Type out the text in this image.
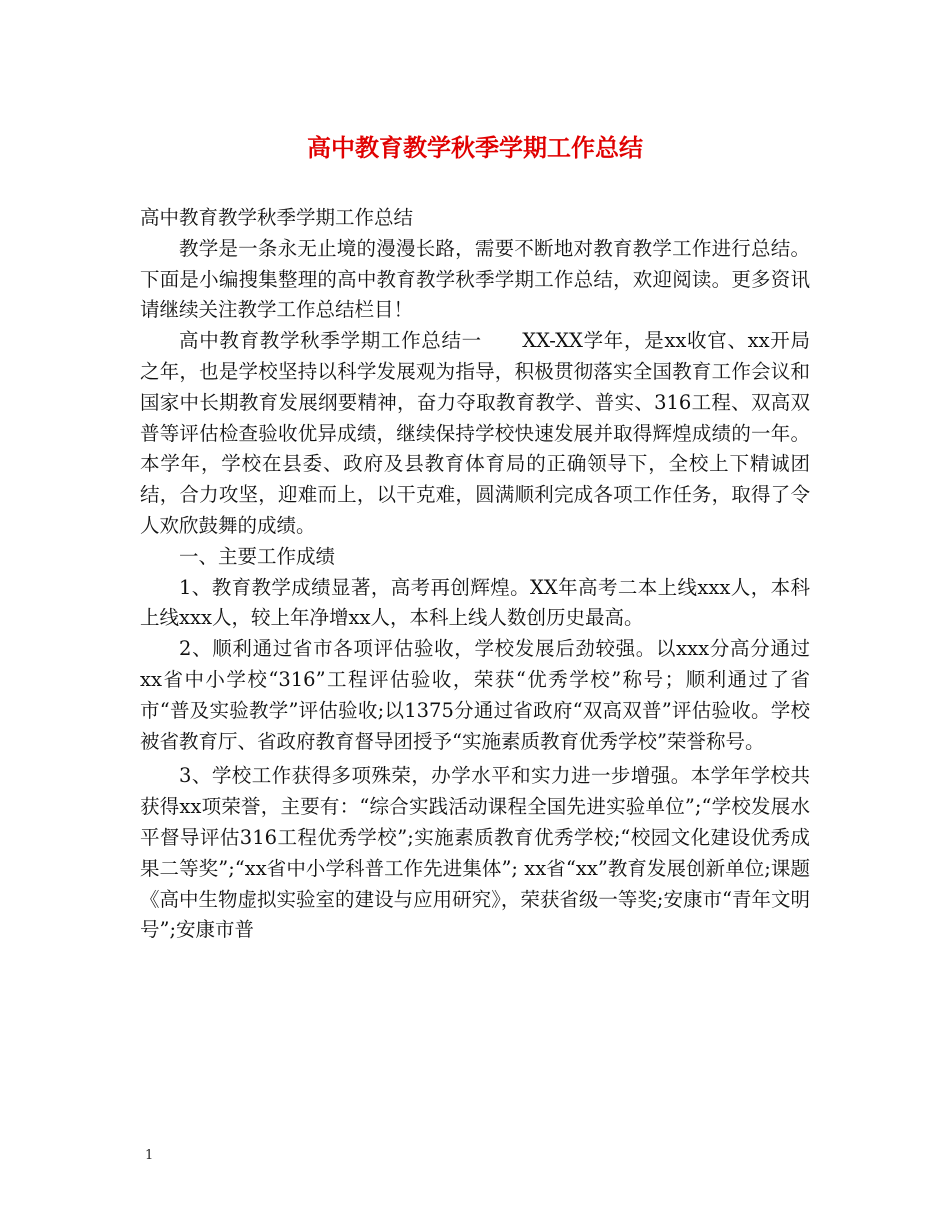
高中教育教学秋季学期工作总结

高中教育教学秋季学期工作总结

教学是一条永无止境的漫漫长路，需要不断地对教育教学工作进行总结。下面是小编搜集整理的高中教育教学秋季学期工作总结，欢迎阅读。更多资讯请继续关注教学工作总结栏目！

高中教育教学秋季学期工作总结一　　XX-XX学年，是xx收官、xx开局之年，也是学校坚持以科学发展观为指导，积极贯彻落实全国教育工作会议和国家中长期教育发展纲要精神，奋力夺取教育教学、普实、316工程、双高双普等评估检查验收优异成绩，继续保持学校快速发展并取得辉煌成绩的一年。本学年，学校在县委、政府及县教育体育局的正确领导下，全校上下精诚团结，合力攻坚，迎难而上，以干克难，圆满顺利完成各项工作任务，取得了令人欢欣鼓舞的成绩。

一、主要工作成绩

1、教育教学成绩显著，高考再创辉煌。XX年高考二本上线xxx人，本科上线xxx人，较上年净增xx人，本科上线人数创历史最高。

2、顺利通过省市各项评估验收，学校发展后劲较强。以xxx分高分通过xx省中小学校“316”工程评估验收，荣获“优秀学校”称号；顺利通过了省市“普及实验教学”评估验收;以1375分通过省政府“双高双普”评估验收。学校被省教育厅、省政府教育督导团授予“实施素质教育优秀学校”荣誉称号。

3、学校工作获得多项殊荣，办学水平和实力进一步增强。本学年学校共获得xx项荣誉，主要有：“综合实践活动课程全国先进实验单位”;“学校发展水平督导评估316工程优秀学校”;实施素质教育优秀学校;“校园文化建设优秀成果二等奖”;“xx省中小学科普工作先进集体”; xx省“xx”教育发展创新单位;课题《高中生物虚拟实验室的建设与应用研究》，荣获省级一等奖;安康市“青年文明号”;安康市普

1
